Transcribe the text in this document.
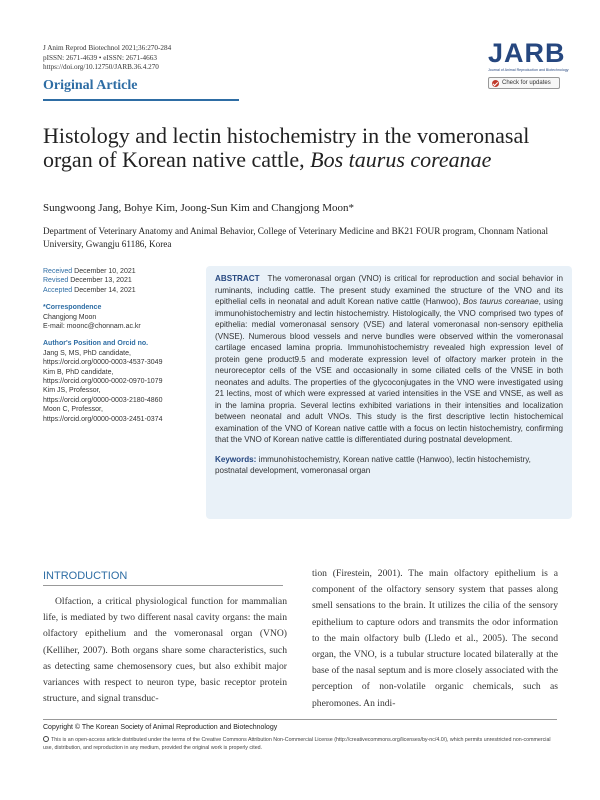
J Anim Reprod Biotechnol 2021;36:270-284
pISSN: 2671-4639 • eISSN: 2671-4663
https://doi.org/10.12750/JARB.36.4.270
Original Article
JARB
Journal of Animal Reproduction and Biotechnology
Check for updates
Histology and lectin histochemistry in the vomeronasal organ of Korean native cattle, Bos taurus coreanae
Sungwoong Jang, Bohye Kim, Joong-Sun Kim and Changjong Moon*
Department of Veterinary Anatomy and Animal Behavior, College of Veterinary Medicine and BK21 FOUR program, Chonnam National University, Gwangju 61186, Korea
Received December 10, 2021
Revised December 13, 2021
Accepted December 14, 2021
*Correspondence
Changjong Moon
E-mail: moonc@chonnam.ac.kr
Author's Position and Orcid no.
Jang S, MS, PhD candidate,
https://orcid.org/0000-0003-4537-3049
Kim B, PhD candidate,
https://orcid.org/0000-0002-0970-1079
Kim JS, Professor,
https://orcid.org/0000-0003-2180-4860
Moon C, Professor,
https://orcid.org/0000-0003-2451-0374
ABSTRACT The vomeronasal organ (VNO) is critical for reproduction and social behavior in ruminants, including cattle. The present study examined the structure of the VNO and its epithelial cells in neonatal and adult Korean native cattle (Hanwoo), Bos taurus coreanae, using immunohistochemistry and lectin histochemistry. Histologically, the VNO comprised two types of epithelia: medial vomeronasal sensory (VSE) and lateral vomeronasal non-sensory epithelia (VNSE). Numerous blood vessels and nerve bundles were observed within the vomeronasal cartilage encased lamina propria. Immunohistochemistry revealed high expression level of protein gene product9.5 and moderate expression level of olfactory marker protein in the neuroreceptor cells of the VSE and occasionally in some ciliated cells of the VNSE in both neonates and adults. The properties of the glycoconjugates in the VNO were investigated using 21 lectins, most of which were expressed at varied intensities in the VSE and VNSE, as well as in the lamina propria. Several lectins exhibited variations in their intensities and localization between neonatal and adult VNOs. This study is the first descriptive lectin histochemical examination of the VNO of Korean native cattle with a focus on lectin histochemistry, confirming that the VNO of Korean native cattle is differentiated during postnatal development.
Keywords: immunohistochemistry, Korean native cattle (Hanwoo), lectin histochemistry, postnatal development, vomeronasal organ
INTRODUCTION
Olfaction, a critical physiological function for mammalian life, is mediated by two different nasal cavity organs: the main olfactory epithelium and the vomeronasal organ (VNO) (Kelliher, 2007). Both organs share some characteristics, such as detecting same chemosensory cues, but also exhibit major variances with respect to neuron type, basic receptor protein structure, and signal transduc-
tion (Firestein, 2001). The main olfactory epithelium is a component of the olfactory sensory system that passes along smell sensations to the brain. It utilizes the cilia of the sensory epithelium to capture odors and transmits the odor information to the main olfactory bulb (Lledo et al., 2005). The second organ, the VNO, is a tubular structure located bilaterally at the base of the nasal septum and is more closely associated with the perception of non-volatile organic chemicals, such as pheromones. An indi-
Copyright © The Korean Society of Animal Reproduction and Biotechnology
This is an open-access article distributed under the terms of the Creative Commons Attribution Non-Commercial License (http://creativecommons.org/licenses/by-nc/4.0/), which permits unrestricted non-commercial use, distribution, and reproduction in any medium, provided the original work is properly cited.
